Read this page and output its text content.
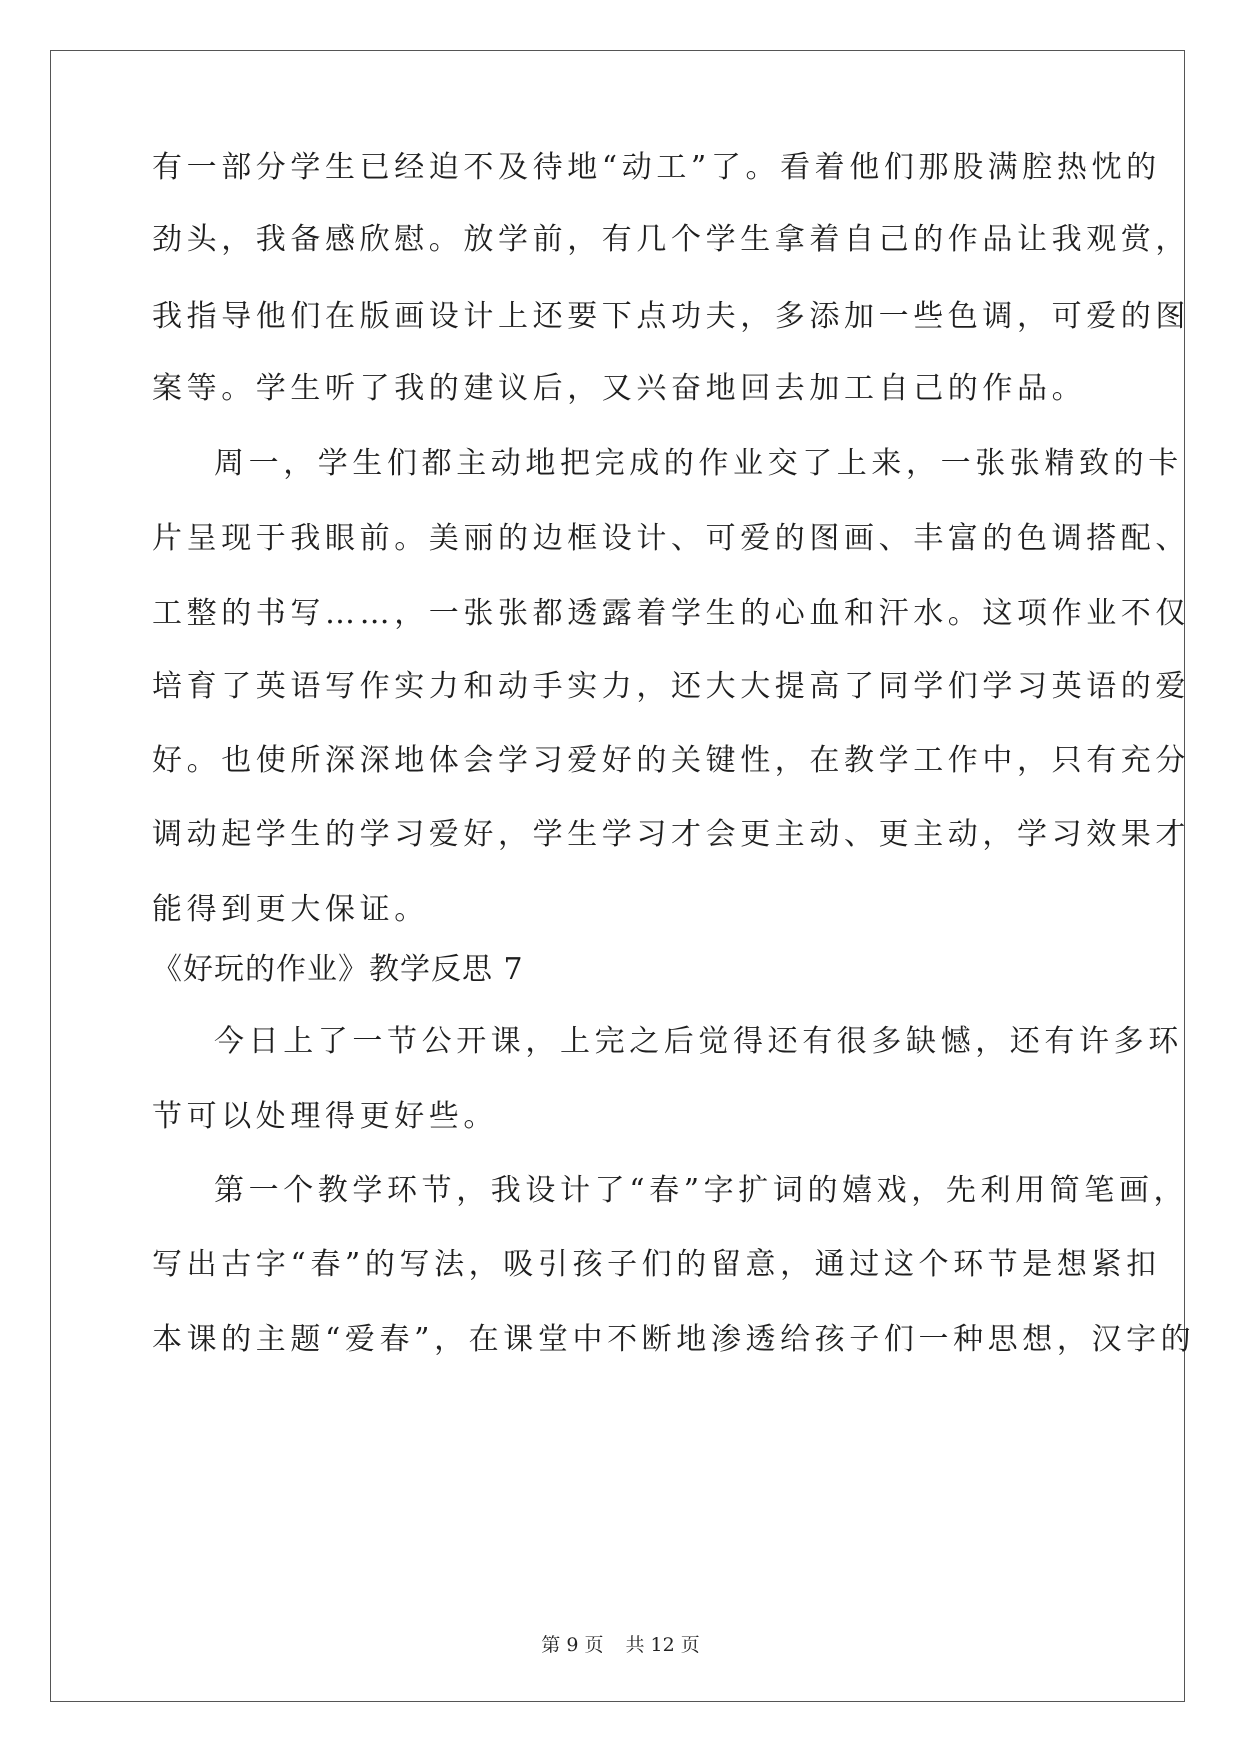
有一部分学生已经迫不及待地“动工”了。看着他们那股满腔热忱的
劲头，我备感欣慰。放学前，有几个学生拿着自己的作品让我观赏，
我指导他们在版画设计上还要下点功夫，多添加一些色调，可爱的图
案等。学生听了我的建议后，又兴奋地回去加工自己的作品。
周一，学生们都主动地把完成的作业交了上来，一张张精致的卡
片呈现于我眼前。美丽的边框设计、可爱的图画、丰富的色调搭配、
工整的书写……，一张张都透露着学生的心血和汗水。这项作业不仅
培育了英语写作实力和动手实力，还大大提高了同学们学习英语的爱
好。也使所深深地体会学习爱好的关键性，在教学工作中，只有充分
调动起学生的学习爱好，学生学习才会更主动、更主动，学习效果才
能得到更大保证。
《好玩的作业》教学反思 7
今日上了一节公开课，上完之后觉得还有很多缺憾，还有许多环
节可以处理得更好些。
第一个教学环节，我设计了“春”字扩词的嬉戏，先利用简笔画，
写出古字“春”的写法，吸引孩子们的留意，通过这个环节是想紧扣
本课的主题“爱春”，在课堂中不断地渗透给孩子们一种思想，汉字的
第 9 页 共 12 页
